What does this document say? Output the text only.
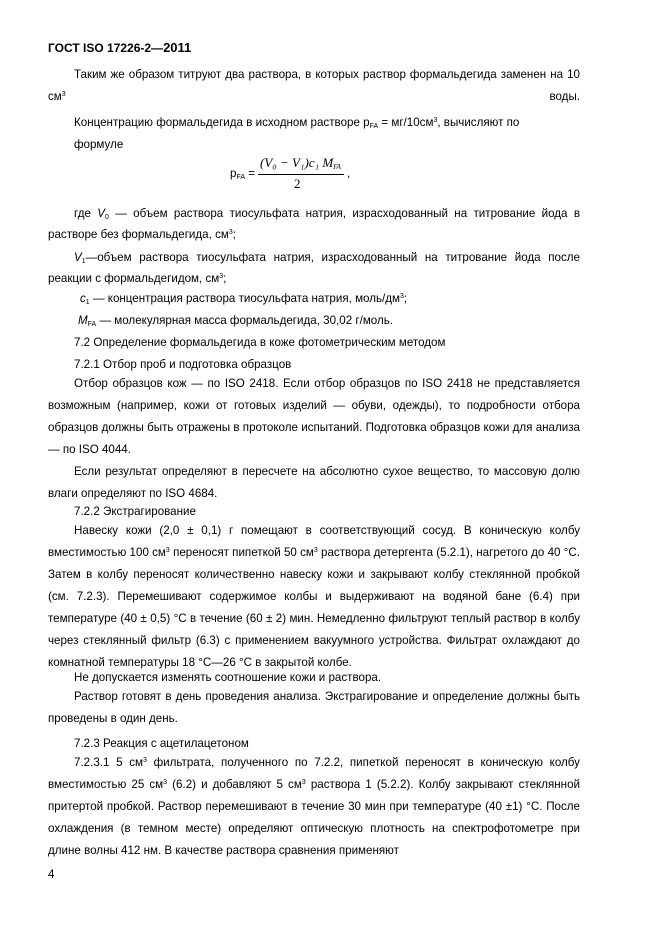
ГОСТ ISO 17226-2—2011
Таким же образом титруют два раствора, в которых раствор формальдегида заменен на 10 $см^3$ воды.
Концентрацию формальдегида в исходном растворе $p_{FA} = мг/10см^3$, вычисляют по
формуле
$p_{FA}$ =
(V₀ − V₁)c₁ $M_{FA}$
2
,
где $V_0$ — объем раствора тиосульфата натрия, израсходованный на титрование йода в
растворе без формальдегида, $см^3$;
$V_1—объем$ раствора тиосульфата натрия, израсходованный на титрование йода после
реакции с формальдегидом, $см^3$;
$c_1$ — концентрация раствора тиосульфата натрия, моль/$дм^3$;
$M_{FA}$ — молекулярная масса формальдегида, 30,02 г/моль.
7.2 Определение формальдегида в коже фотометрическим методом
7.2.1 Отбор проб и подготовка образцов
Отбор образцов кож — по ISO 2418. Если отбор образцов по ISO 2418 не представляется возможным (например, кожи от готовых изделий — обуви, одежды), то подробности отбора образцов должны быть отражены в протоколе испытаний. Подготовка образцов кожи для анализа — по ISO 4044.
Если результат определяют в пересчете на абсолютно сухое вещество, то массовую долю влаги определяют по ISO 4684.
7.2.2 Экстрагирование
Навеску кожи (2,0 ± 0,1) г помещают в соответствующий сосуд. В коническую колбу вместимостью 100 $см^3$ переносят пипеткой 50 $см^3$ раствора детергента (5.2.1), нагретого до 40 °С. Затем в колбу переносят количественно навеску кожи и закрывают колбу стеклянной пробкой (см. 7.2.3). Перемешивают содержимое колбы и выдерживают на водяной бане (6.4) при температуре (40 ± 0,5) °С в течение (60 ± 2) мин. Немедленно фильтруют теплый раствор в колбу через стеклянный фильтр (6.3) с применением вакуумного устройства. Фильтрат охлаждают до комнатной температуры 18 °С—26 °С в закрытой колбе.
Не допускается изменять соотношение кожи и раствора.
Раствор готовят в день проведения анализа. Экстрагирование и определение должны быть проведены в один день.
7.2.3 Реакция с ацетилацетоном
7.2.3.1 5 $см^3$ фильтрата, полученного по 7.2.2, пипеткой переносят в коническую колбу вместимостью 25 $см^3$ (6.2) и добавляют 5 $см^3$ раствора 1 (5.2.2). Колбу закрывают стеклянной притертой пробкой. Раствор перемешивают в течение 30 мин при температуре (40 ±1) °С. После охлаждения (в темном месте) определяют оптическую плотность на спектрофотометре при длине волны 412 нм. В качестве раствора сравнения применяют
4
